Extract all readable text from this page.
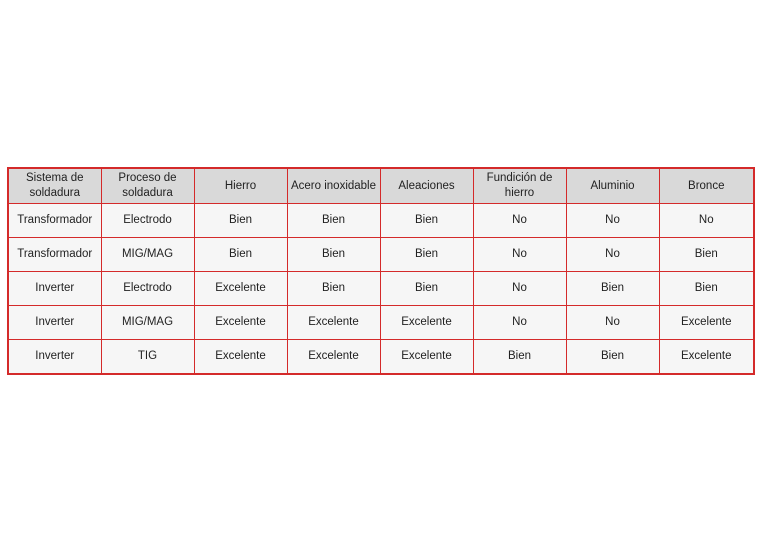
Sistema de soldadura	Proceso de soldadura	Hierro	Acero inoxidable	Aleaciones	Fundición de hierro	Aluminio	Bronce
Transformador	Electrodo	Bien	Bien	Bien	No	No	No
Transformador	MIG/MAG	Bien	Bien	Bien	No	No	Bien
Inverter	Electrodo	Excelente	Bien	Bien	No	Bien	Bien
Inverter	MIG/MAG	Excelente	Excelente	Excelente	No	No	Excelente
Inverter	TIG	Excelente	Excelente	Excelente	Bien	Bien	Excelente
